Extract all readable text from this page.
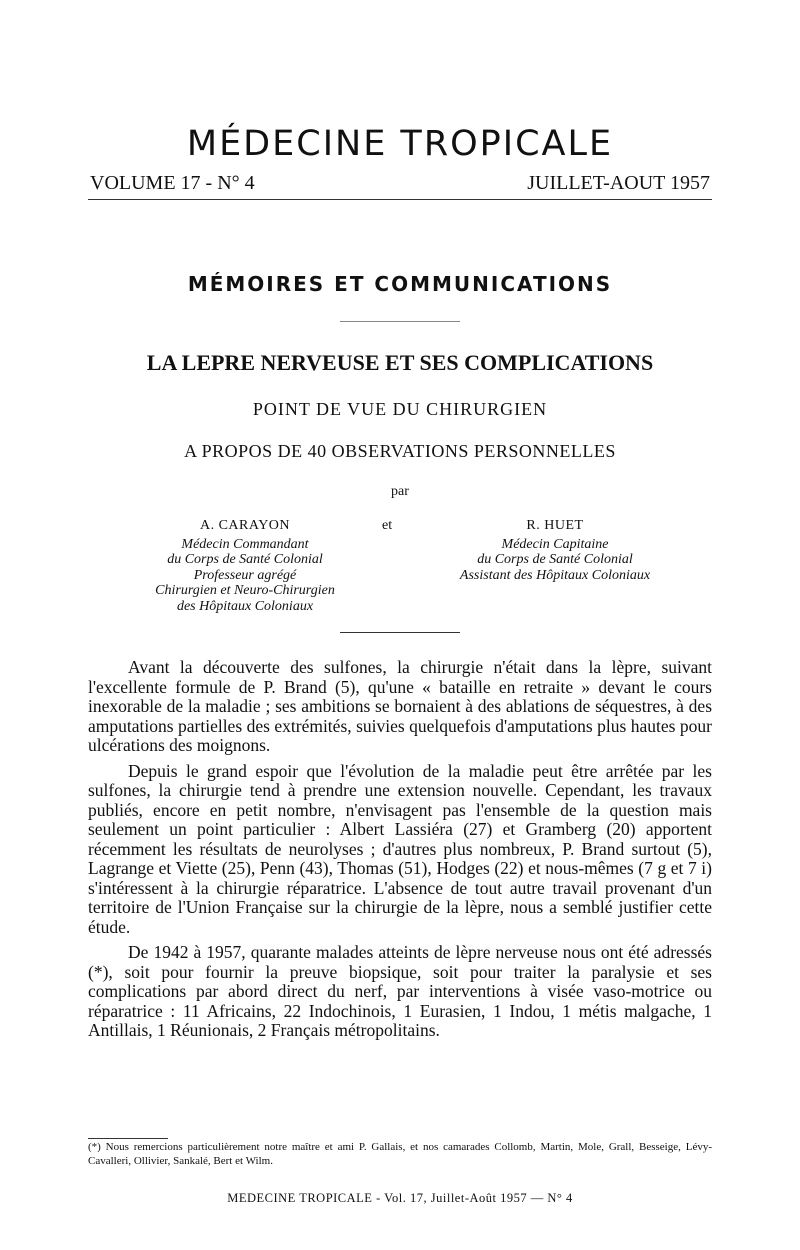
MÉDECINE TROPICALE
VOLUME 17 - N° 4	JUILLET-AOUT 1957
MÉMOIRES ET COMMUNICATIONS
LA LEPRE NERVEUSE ET SES COMPLICATIONS
POINT DE VUE DU CHIRURGIEN
A PROPOS DE 40 OBSERVATIONS PERSONNELLES
par
A. CARAYON
Médecin Commandant
du Corps de Santé Colonial
Professeur agrégé
Chirurgien et Neuro-Chirurgien
des Hôpitaux Coloniaux
et	R. HUET
Médecin Capitaine
du Corps de Santé Colonial
Assistant des Hôpitaux Coloniaux

Avant la découverte des sulfones, la chirurgie n'était dans la lèpre, suivant l'excellente formule de P. Brand (5), qu'une « bataille en retraite » devant le cours inexorable de la maladie ; ses ambitions se bornaient à des ablations de séquestres, à des amputations partielles des extrémités, suivies quelquefois d'amputations plus hautes pour ulcérations des moignons.

Depuis le grand espoir que l'évolution de la maladie peut être arrêtée par les sulfones, la chirurgie tend à prendre une extension nouvelle. Cependant, les travaux publiés, encore en petit nombre, n'envisagent pas l'ensemble de la question mais seulement un point particulier : Albert Lassiéra (27) et Gramberg (20) apportent récemment les résultats de neurolyses ; d'autres plus nombreux, P. Brand surtout (5), Lagrange et Viette (25), Penn (43), Thomas (51), Hodges (22) et nous-mêmes (7 g et 7 i) s'intéressent à la chirurgie réparatrice. L'absence de tout autre travail provenant d'un territoire de l'Union Française sur la chirurgie de la lèpre, nous a semblé justifier cette étude.

De 1942 à 1957, quarante malades atteints de lèpre nerveuse nous ont été adressés (*), soit pour fournir la preuve biopsique, soit pour traiter la paralysie et ses complications par abord direct du nerf, par interventions à visée vaso-motrice ou réparatrice : 11 Africains, 22 Indochinois, 1 Eurasien, 1 Indou, 1 métis malgache, 1 Antillais, 1 Réunionais, 2 Français métropolitains.

(*) Nous remercions particulièrement notre maître et ami P. Gallais, et nos camarades Collomb, Martin, Mole, Grall, Besseige, Lévy-Cavalleri, Ollivier, Sankalé, Bert et Wilm.
MEDECINE TROPICALE - Vol. 17, Juillet-Août 1957 — N° 4
